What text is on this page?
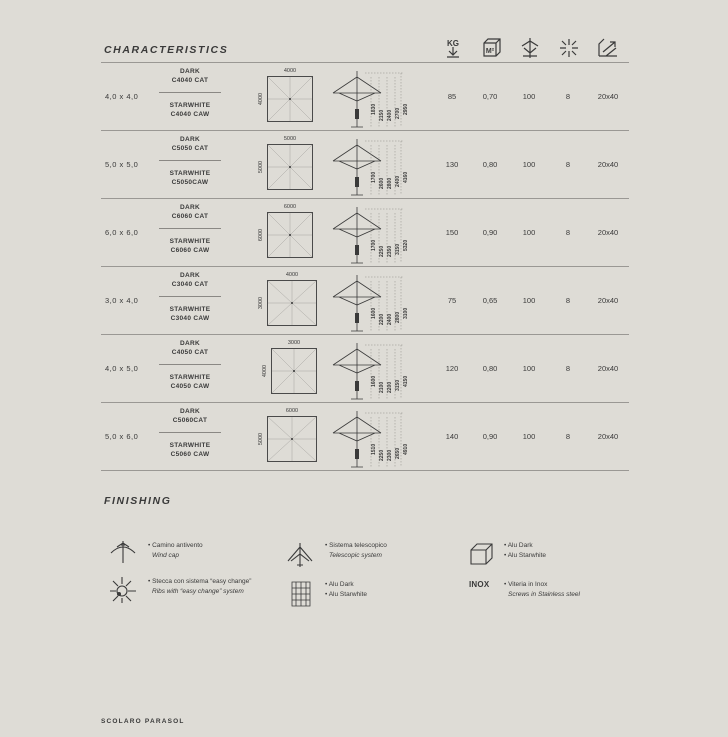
CHARACTERISTICS
KG
M²
4,0 x 4,0
DARK
C4040 CAT
STARWHITE
C4040 CAW
4000
4000
1830
2150 2400 2700 2950
85	0,70	100	8	20x40
5,0 x 5,0
DARK
C5050 CAT
STARWHITE
C5050CAW
5000
5000
1700
2600 2800 2400 4160
130	0,80	100	8	20x40
6,0 x 6,0
DARK
C6060 CAT
STARWHITE
C6060 CAW
6000
6000
1700
2250 2350 3150 5320
150	0,90	100	8	20x40
3,0 x 4,0
DARK
C3040 CAT
STARWHITE
C3040 CAW
4000
3000
1600
2200 2400 2800 3100
75	0,65	100	8	20x40
4,0 x 5,0
DARK
C4050 CAT
STARWHITE
C4050 CAW
3000
4000
1600
2100 2200 3150 4150
120	0,80	100	8	20x40
5,0 x 6,0
DARK
C5060CAT
STARWHITE
C5060 CAW
6000
5000
1510
2250 2300 2650 4910
140	0,90	100	8	20x40
FINISHING
INOX
• Camino antivento
Wind cap
• Sistema telescopico
Telescopic system
• Alu Dark
• Alu Starwhite
• Stecca con sistema “easy change”
Ribs with “easy change” system
• Alu Dark
• Alu Starwhite
• Viteria in Inox
Screws in Stainless steel
SCOLARO PARASOL
